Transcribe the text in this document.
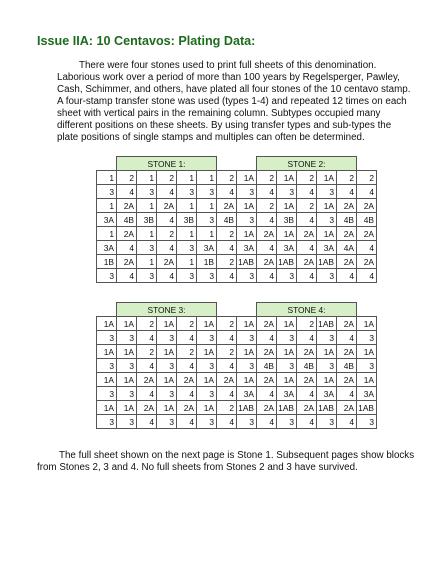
Issue IIA: 10 Centavos: Plating Data:
There were four stones used to print full sheets of this denomination. Laborious work over a period of more than 100 years by Regelsperger, Pawley, Cash, Schimmer, and others, have plated all four stones of the 10 centavo stamp. A four-stamp transfer stone was used (types 1-4) and repeated 12 times on each sheet with vertical pairs in the remaining column. Subtypes occupied many different positions on these sheets. By using transfer types and sub-types the plate positions of single stamps and multiples can often be determined.
	STONE 1:					
1	2	1	2	1	1	2
3	4	3	4	3	3	4
1	2A	1	2A	1	1	2A
3A	4B	3B	4	3B	3	4B
1	2A	1	2	1	1	2
3A	4	3	4	3	3A	4
1B	2A	1	2A	1	1B	2
3	4	3	4	3	3	4
	STONE 2:					
1A	2	1A	2	1A	2	2
3	4	3	4	3	4	4
1A	2	1A	2	1A	2A	2A
3	4	3B	4	3	4B	4B
1A	2A	1A	2A	1A	2A	2A
3A	4	3A	4	3A	4A	4
1AB	2A	1AB	2A	1AB	2A	2A
3	4	3	4	3	4	4
	STONE 3:					
1A	1A	2	1A	2	1A	2
3	3	4	3	4	3	4
1A	1A	2	1A	2	1A	2
3	3	4	3	4	3	4
1A	1A	2A	1A	2A	1A	2A
3	3	4	3	4	3	4
1A	1A	2A	1A	2A	1A	2
3	3	4	3	4	3	4
	STONE 4:					
1A	2A	1A	2	1AB	2A	1A
3	4	3	4	3	4	3
1A	2A	1A	2A	1A	2A	1A
3	4B	3	4B	3	4B	3
1A	2A	1A	2A	1A	2A	1A
3A	4	3A	4	3A	4	3A
1AB	2A	1AB	2A	1AB	2A	1AB
3	4	3	4	3	4	3
The full sheet shown on the next page is Stone 1. Subsequent pages show blocks from Stones 2, 3 and 4. No full sheets from Stones 2 and 3 have survived.
